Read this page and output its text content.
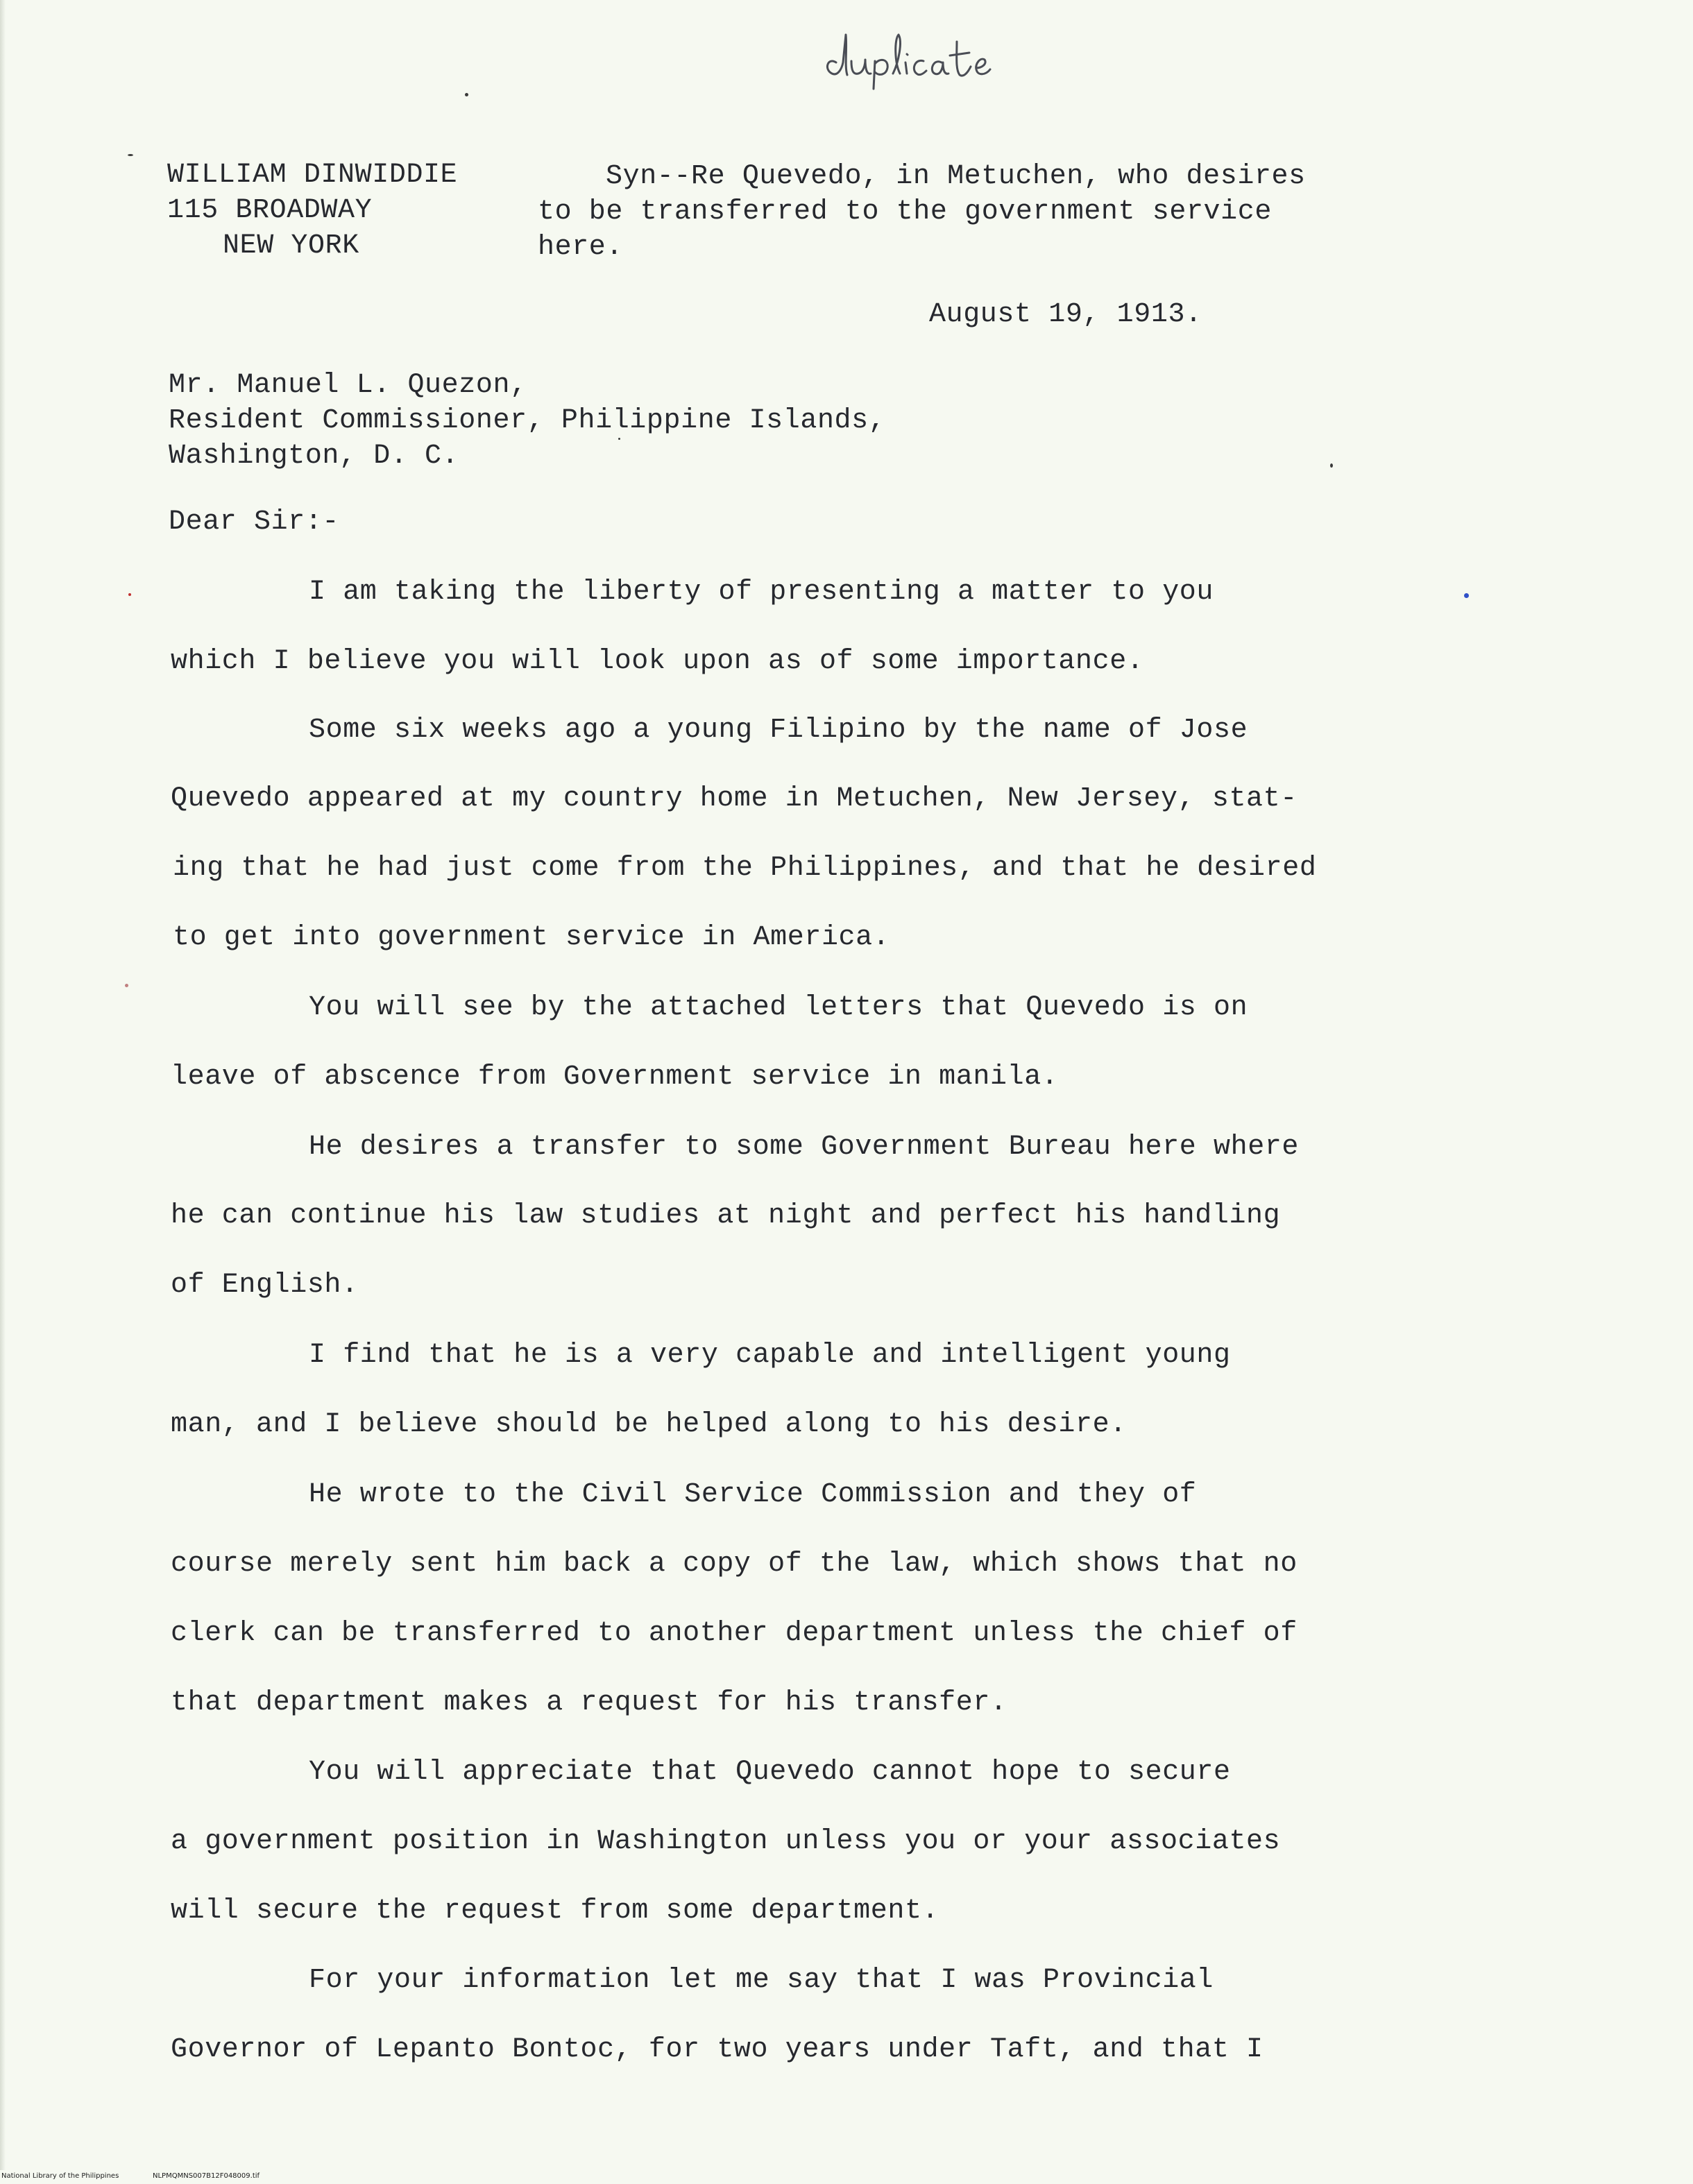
WILLIAM DINWIDDIE
115 BROADWAY
NEW YORK
Syn--Re Quevedo, in Metuchen, who desires
to be transferred to the government service
here.
August 19, 1913.
Mr. Manuel L. Quezon,
Resident Commissioner, Philippine Islands,
Washington, D. C.
Dear Sir:-
I am taking the liberty of presenting a matter to you
which I believe you will look upon as of some importance.
Some six weeks ago a young Filipino by the name of Jose
Quevedo appeared at my country home in Metuchen, New Jersey, stat-
ing that he had just come from the Philippines, and that he desired
to get into government service in America.
You will see by the attached letters that Quevedo is on
leave of abscence from Government service in manila.
He desires a transfer to some Government Bureau here where
he can continue his law studies at night and perfect his handling
of English.
I find that he is a very capable and intelligent young
man, and I believe should be helped along to his desire.
He wrote to the Civil Service Commission and they of
course merely sent him back a copy of the law, which shows that no
clerk can be transferred to another department unless the chief of
that department makes a request for his transfer.
You will appreciate that Quevedo cannot hope to secure
a government position in Washington unless you or your associates
will secure the request from some department.
For your information let me say that I was Provincial
Governor of Lepanto Bontoc, for two years under Taft, and that I
National Library of the Philippines	NLPMQMNS007B12F048009.tif
